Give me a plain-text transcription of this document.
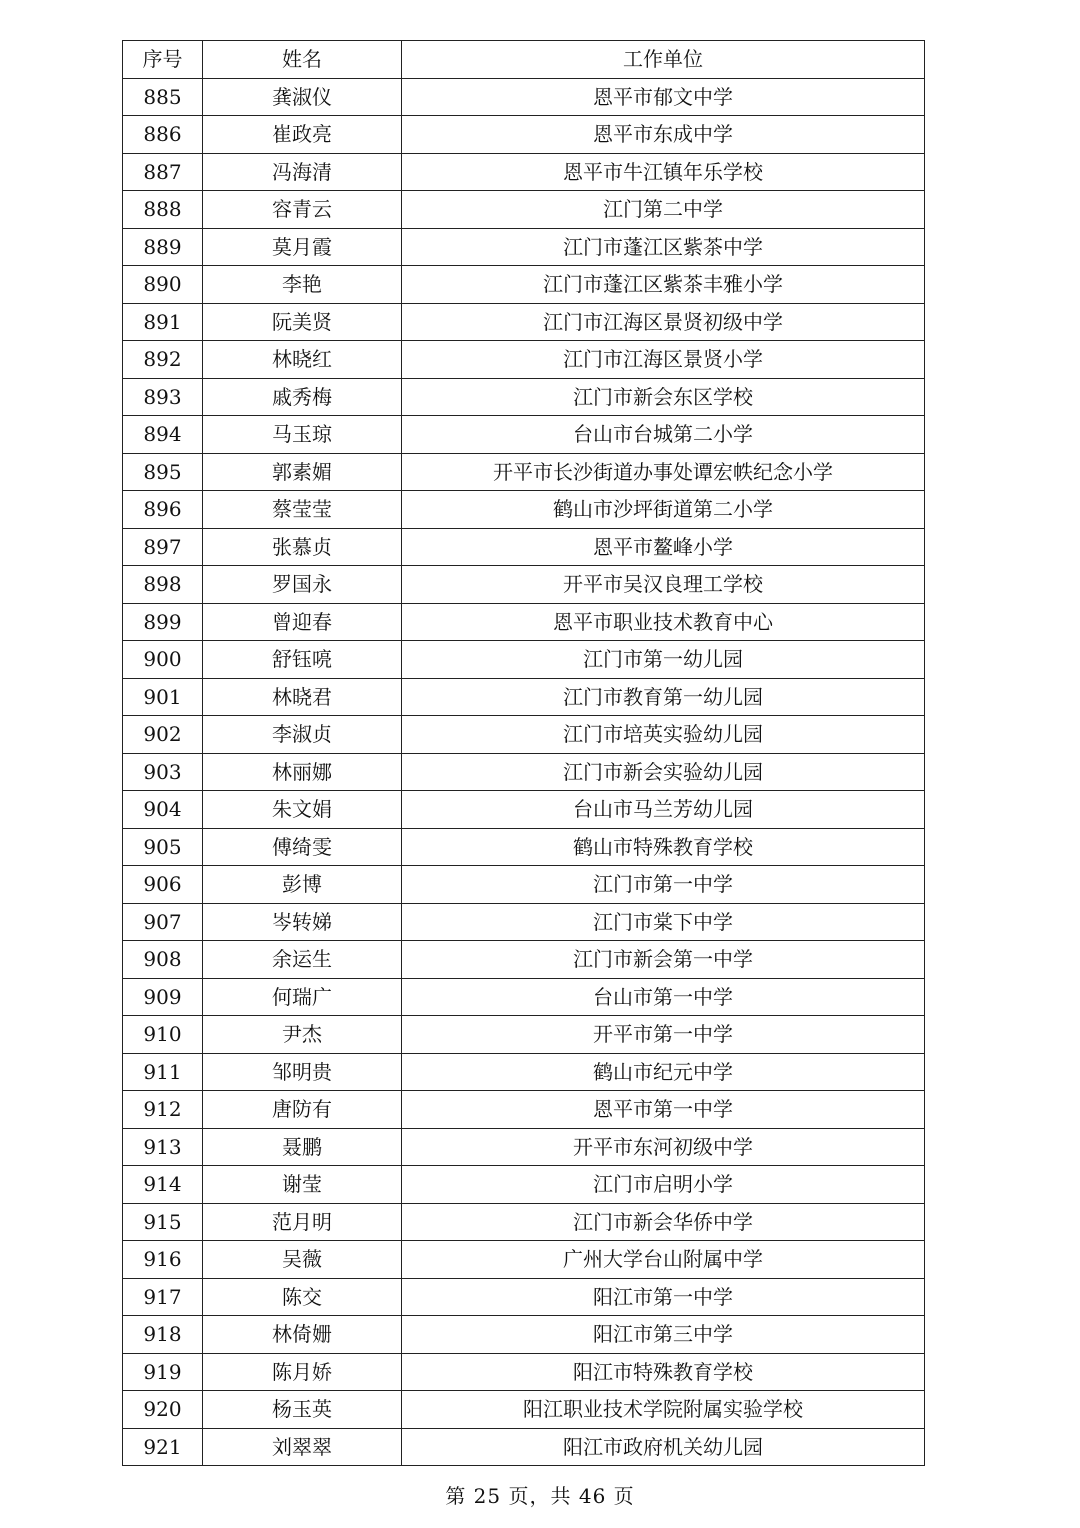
序号	姓名	工作单位
885	龚淑仪	恩平市郁文中学
886	崔政亮	恩平市东成中学
887	冯海清	恩平市牛江镇年乐学校
888	容青云	江门第二中学
889	莫月霞	江门市蓬江区紫茶中学
890	李艳	江门市蓬江区紫茶丰雅小学
891	阮美贤	江门市江海区景贤初级中学
892	林晓红	江门市江海区景贤小学
893	戚秀梅	江门市新会东区学校
894	马玉琼	台山市台城第二小学
895	郭素媚	开平市长沙街道办事处谭宏帙纪念小学
896	蔡莹莹	鹤山市沙坪街道第二小学
897	张慕贞	恩平市鳌峰小学
898	罗国永	开平市吴汉良理工学校
899	曾迎春	恩平市职业技术教育中心
900	舒钰喨	江门市第一幼儿园
901	林晓君	江门市教育第一幼儿园
902	李淑贞	江门市培英实验幼儿园
903	林丽娜	江门市新会实验幼儿园
904	朱文娟	台山市马兰芳幼儿园
905	傅绮雯	鹤山市特殊教育学校
906	彭博	江门市第一中学
907	岑转娣	江门市棠下中学
908	余运生	江门市新会第一中学
909	何瑞广	台山市第一中学
910	尹杰	开平市第一中学
911	邹明贵	鹤山市纪元中学
912	唐防有	恩平市第一中学
913	聂鹏	开平市东河初级中学
914	谢莹	江门市启明小学
915	范月明	江门市新会华侨中学
916	吴薇	广州大学台山附属中学
917	陈交	阳江市第一中学
918	林倚姗	阳江市第三中学
919	陈月娇	阳江市特殊教育学校
920	杨玉英	阳江职业技术学院附属实验学校
921	刘翠翠	阳江市政府机关幼儿园
第 25 页，共 46 页
